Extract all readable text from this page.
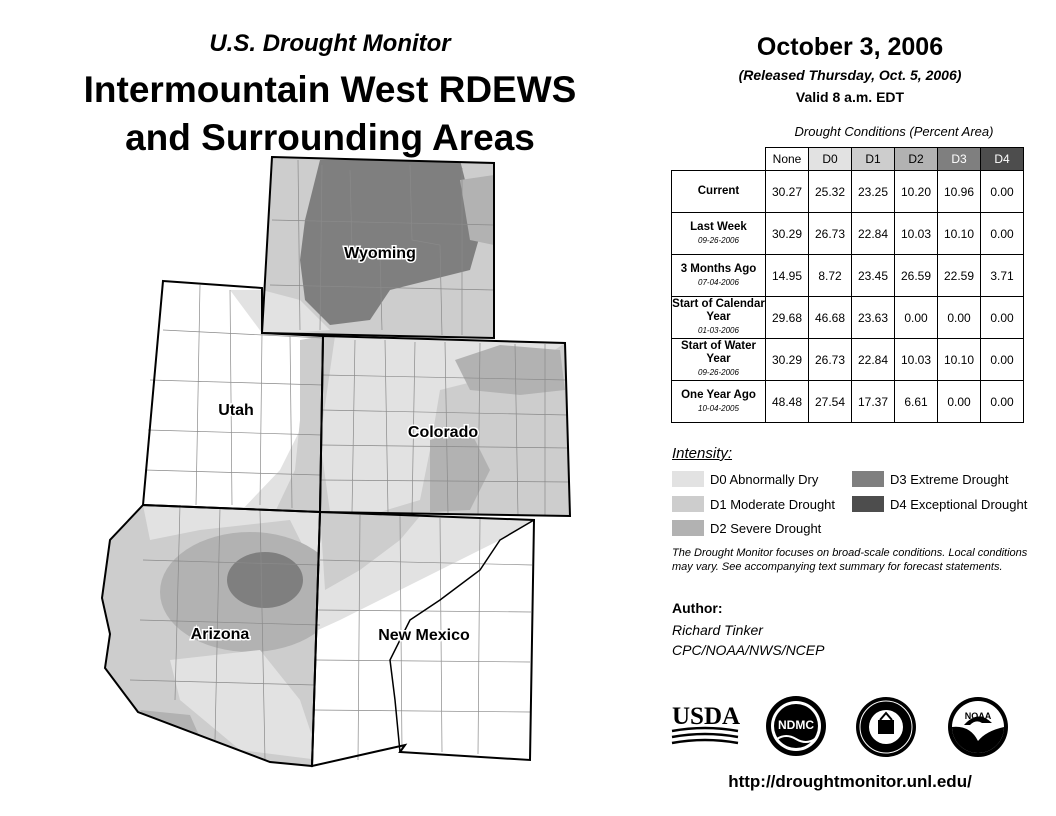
U.S. Drought Monitor
Intermountain West RDEWS
and Surrounding Areas
Wyoming
Utah
Colorado
Arizona	New Mexico
October 3, 2006
(Released Thursday, Oct. 5, 2006)
Valid 8 a.m. EDT
Drought Conditions (Percent Area)
	None	D0	D1	D2	D3	D4

Current	30.27	25.32	23.25	10.20	10.96	0.00

Last Week
09-26-2006	30.29	26.73	22.84	10.03	10.10	0.00

3 Months Ago
07-04-2006	14.95	8.72	23.45	26.59	22.59	3.71

Start of Calendar Year
01-03-2006	29.68	46.68	23.63	0.00	0.00	0.00

Start of Water Year
09-26-2006	30.29	26.73	22.84	10.03	10.10	0.00

One Year Ago
10-04-2005	48.48	27.54	17.37	6.61	0.00	0.00
Intensity:
D0 Abnormally Dry
D1 Moderate Drought
D2 Severe Drought
D3 Extreme Drought
D4 Exceptional Drought
The Drought Monitor focuses on broad-scale conditions. Local conditions may vary. See accompanying text summary for forecast statements.
Author:
Richard Tinker
CPC/NOAA/NWS/NCEP
USDA	NDMC
NOAA
http://droughtmonitor.unl.edu/
